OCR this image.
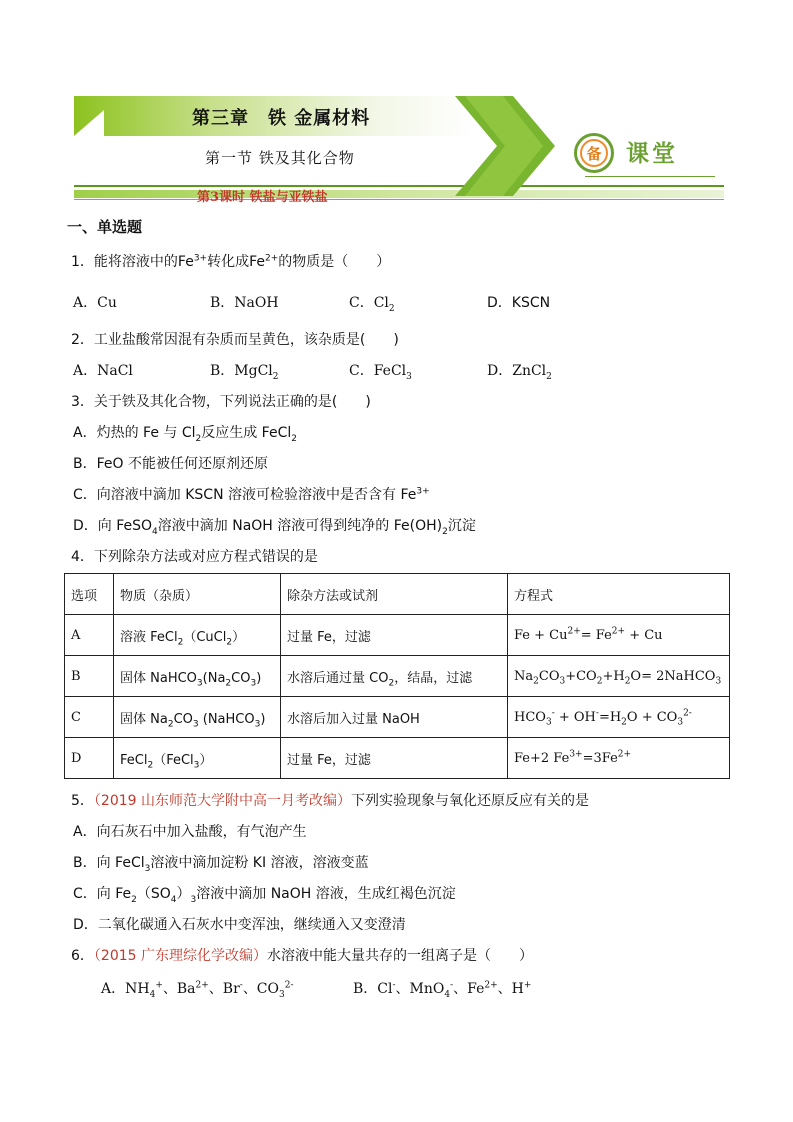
第三章　铁 金属材料
第一节 铁及其化合物
第3课时 铁盐与亚铁盐
备 课堂
一、单选题
1．能将溶液中的$Fe^{3+}$转化成$Fe^{2+}$的物质是（　　）
A．Cu	B．NaOH	C．$Cl_2$	D．KSCN
2．工业盐酸常因混有杂质而呈黄色，该杂质是(　　)
A．NaCl	B．MgCl$_2$	C．FeCl$_3$	D．ZnCl$_2$
3．关于铁及其化合物，下列说法正确的是(　　)
A．灼热的 Fe 与 $Cl_2$反应生成 FeCl$_2$
B．FeO 不能被任何还原剂还原
C．向溶液中滴加 KSCN 溶液可检验溶液中是否含有 $Fe^{3+}$
D．向 FeSO$_4$溶液中滴加 NaOH 溶液可得到纯净的 $Fe(OH)_2$沉淀
4．下列除杂方法或对应方程式错误的是
选项	物质（杂质）	除杂方法或试剂	方程式
A	溶液 FeCl$_2$（CuCl$_2$）	过量 Fe，过滤	$Fe + Cu^{2+}= Fe^{2+} + Cu$
B	固体 $NaHCO_3(Na_2CO_3)$	水溶后通过量 $CO_2$，结晶，过滤	$Na_2CO_3+CO_2+H_2O=$ 2NaHCO$_3$
C	固体 $Na_2CO_3$ (NaHCO$_3$)	水溶后加入过量 NaOH	$HCO_3^- + OH^-=H_2O + CO_3^{2-}$
D	FeCl$_2$（FeCl$_3$）	过量 Fe，过滤	Fe+2 $Fe^{3+}=3Fe^{2+}$
5．（2019 山东师范大学附中高一月考改编）下列实验现象与氧化还原反应有关的是
A．向石灰石中加入盐酸，有气泡产生
B．向 FeCl$_3$溶液中滴加淀粉 KI 溶液，溶液变蓝
C．向 $Fe_2(SO_4)_3$溶液中滴加 NaOH 溶液，生成红褐色沉淀
D．二氧化碳通入石灰水中变浑浊，继续通入又变澄清
6．（2015 广东理综化学改编）水溶液中能大量共存的一组离子是（　　）
A．$NH_4^+$、$Ba^{2+}$、Br-、$CO_3^{2-}$	B．Cl-、MnO$_4$-、$Fe^{2+}$、H+
